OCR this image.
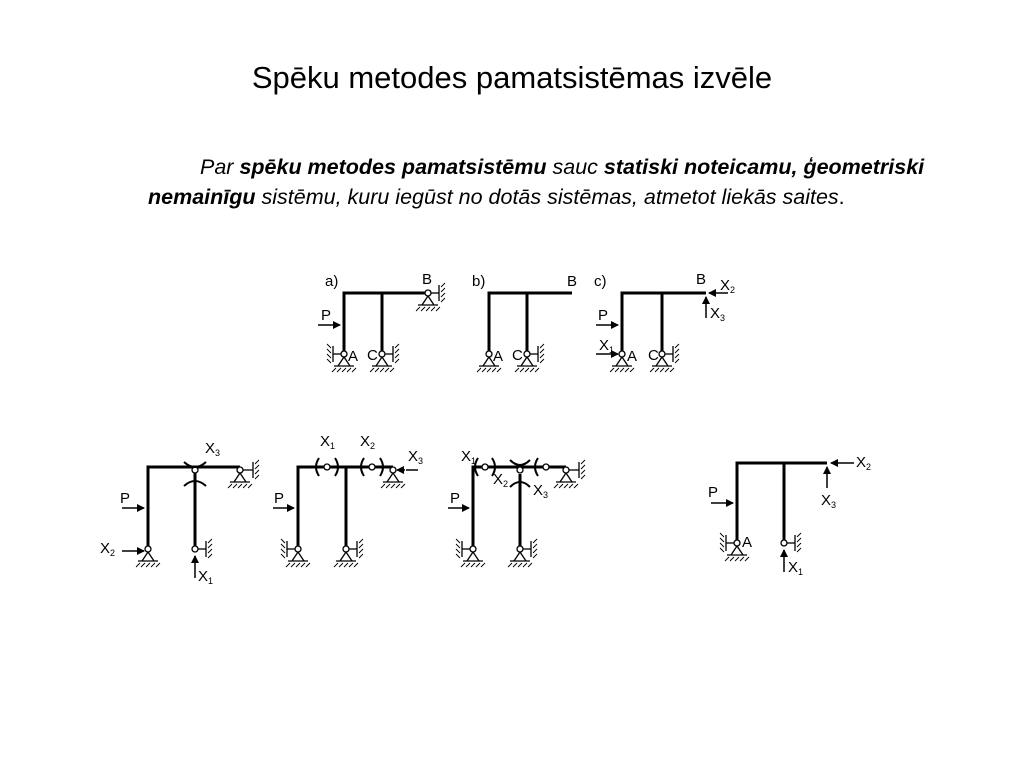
Spēku metodes pamatsistēmas izvēle
Par spēku metodes pamatsistēmu sauc statiski noteicamu, ģeometriski nemainīgu sistēmu, kuru iegūst no dotās sistēmas, atmetot liekās saites.
a)	B
P
A C
b)	B
A C
c)	B
P
A C
$X_1$
$X_2$
$X_3$
P
$X_2$
$X_1$
$X_3$
P
$X_1$ $X_2$
$X_3$
P
$X_1$
$X_2$ $X_3$	P
A
$X_2$
$X_3$
$X_1$
